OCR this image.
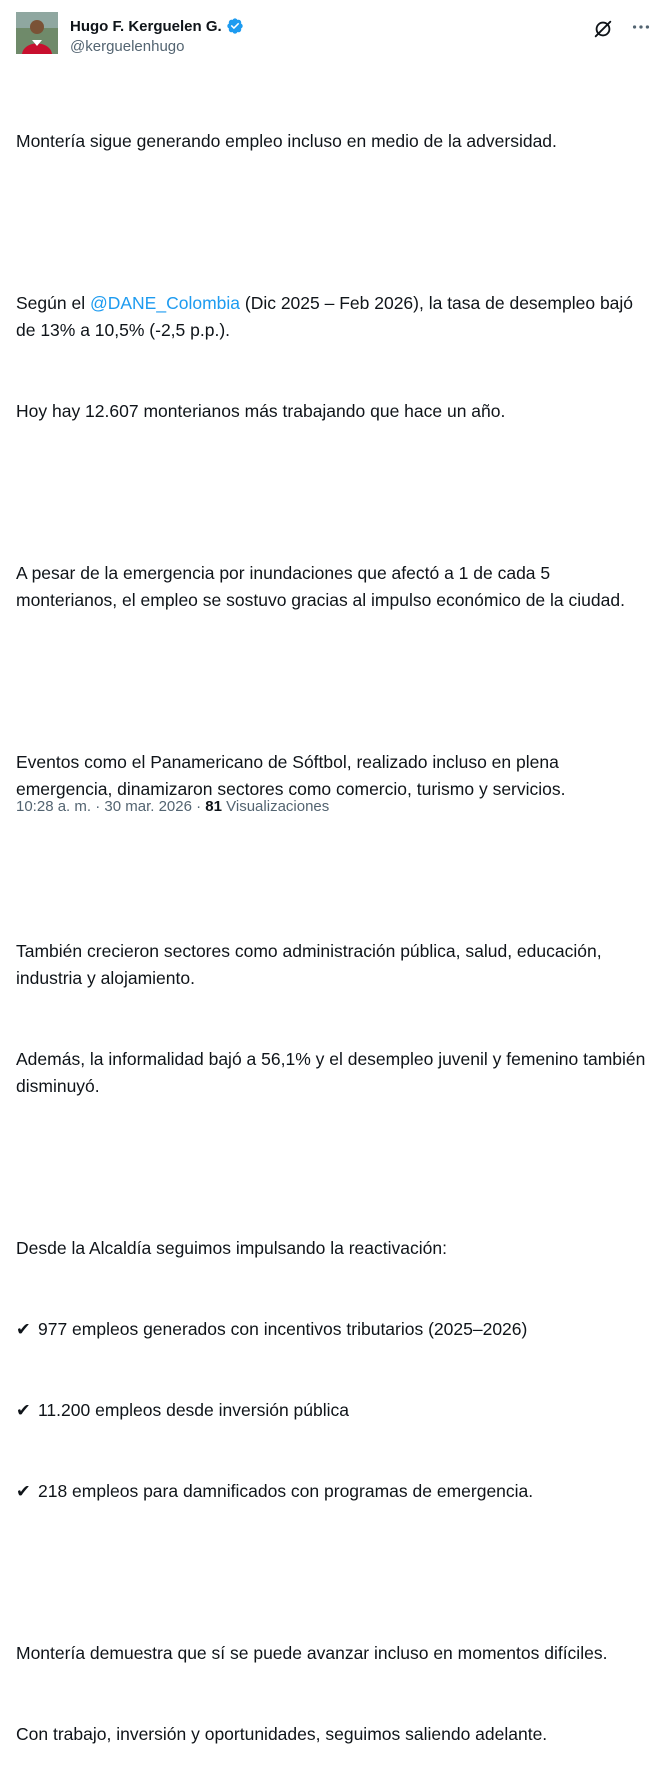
Hugo F. Kerguelen G.
@kerguelenhugo

Montería sigue generando empleo incluso en medio de la adversidad.

Según el @DANE_Colombia (Dic 2025 – Feb 2026), la tasa de desempleo bajó de 13% a 10,5% (-2,5 p.p.).

Hoy hay 12.607 monterianos más trabajando que hace un año.

A pesar de la emergencia por inundaciones que afectó a 1 de cada 5 monterianos, el empleo se sostuvo gracias al impulso económico de la ciudad.

Eventos como el Panamericano de Sóftbol, realizado incluso en plena emergencia, dinamizaron sectores como comercio, turismo y servicios.

También crecieron sectores como administración pública, salud, educación, industria y alojamiento.

Además, la informalidad bajó a 56,1% y el desempleo juvenil y femenino también disminuyó.

Desde la Alcaldía seguimos impulsando la reactivación:

✔ 977 empleos generados con incentivos tributarios (2025–2026)

✔ 11.200 empleos desde inversión pública

✔ 218 empleos para damnificados con programas de emergencia.

Montería demuestra que sí se puede avanzar incluso en momentos difíciles.

Con trabajo, inversión y oportunidades, seguimos saliendo adelante.

10:28 a. m. · 30 mar. 2026 · 81 Visualizaciones
